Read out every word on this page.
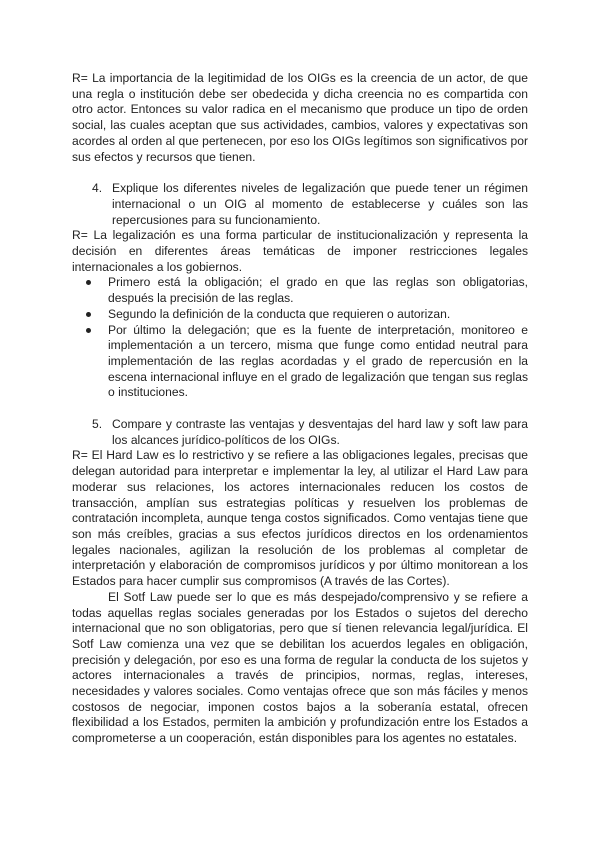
R= La importancia de la legitimidad de los OIGs es la creencia de un actor, de que una regla o institución debe ser obedecida y dicha creencia no es compartida con otro actor. Entonces su valor radica en el mecanismo que produce un tipo de orden social, las cuales aceptan que sus actividades, cambios, valores y expectativas son acordes al orden al que pertenecen, por eso los OIGs legítimos son significativos por sus efectos y recursos que tienen.

4. Explique los diferentes niveles de legalización que puede tener un régimen internacional o un OIG al momento de establecerse y cuáles son las repercusiones para su funcionamiento.

R= La legalización es una forma particular de institucionalización y representa la decisión en diferentes áreas temáticas de imponer restricciones legales internacionales a los gobiernos.

Primero está la obligación; el grado en que las reglas son obligatorias, después la precisión de las reglas.
Segundo la definición de la conducta que requieren o autorizan.
Por último la delegación; que es la fuente de interpretación, monitoreo e implementación a un tercero, misma que funge como entidad neutral para implementación de las reglas acordadas y el grado de repercusión en la escena internacional influye en el grado de legalización que tengan sus reglas o instituciones.
5. Compare y contraste las ventajas y desventajas del hard law y soft law para los alcances jurídico-políticos de los OIGs.

R= El Hard Law es lo restrictivo y se refiere a las obligaciones legales, precisas que delegan autoridad para interpretar e implementar la ley, al utilizar el Hard Law para moderar sus relaciones, los actores internacionales reducen los costos de transacción, amplían sus estrategias políticas y resuelven los problemas de contratación incompleta, aunque tenga costos significados. Como ventajas tiene que son más creíbles, gracias a sus efectos jurídicos directos en los ordenamientos legales nacionales, agilizan la resolución de los problemas al completar de interpretación y elaboración de compromisos jurídicos y por último monitorean a los Estados para hacer cumplir sus compromisos (A través de las Cortes).

El Sotf Law puede ser lo que es más despejado/comprensivo y se refiere a todas aquellas reglas sociales generadas por los Estados o sujetos del derecho internacional que no son obligatorias, pero que sí tienen relevancia legal/jurídica. El Sotf Law comienza una vez que se debilitan los acuerdos legales en obligación, precisión y delegación, por eso es una forma de regular la conducta de los sujetos y actores internacionales a través de principios, normas, reglas, intereses, necesidades y valores sociales. Como ventajas ofrece que son más fáciles y menos costosos de negociar, imponen costos bajos a la soberanía estatal, ofrecen flexibilidad a los Estados, permiten la ambición y profundización entre los Estados a comprometerse a un cooperación, están disponibles para los agentes no estatales.
